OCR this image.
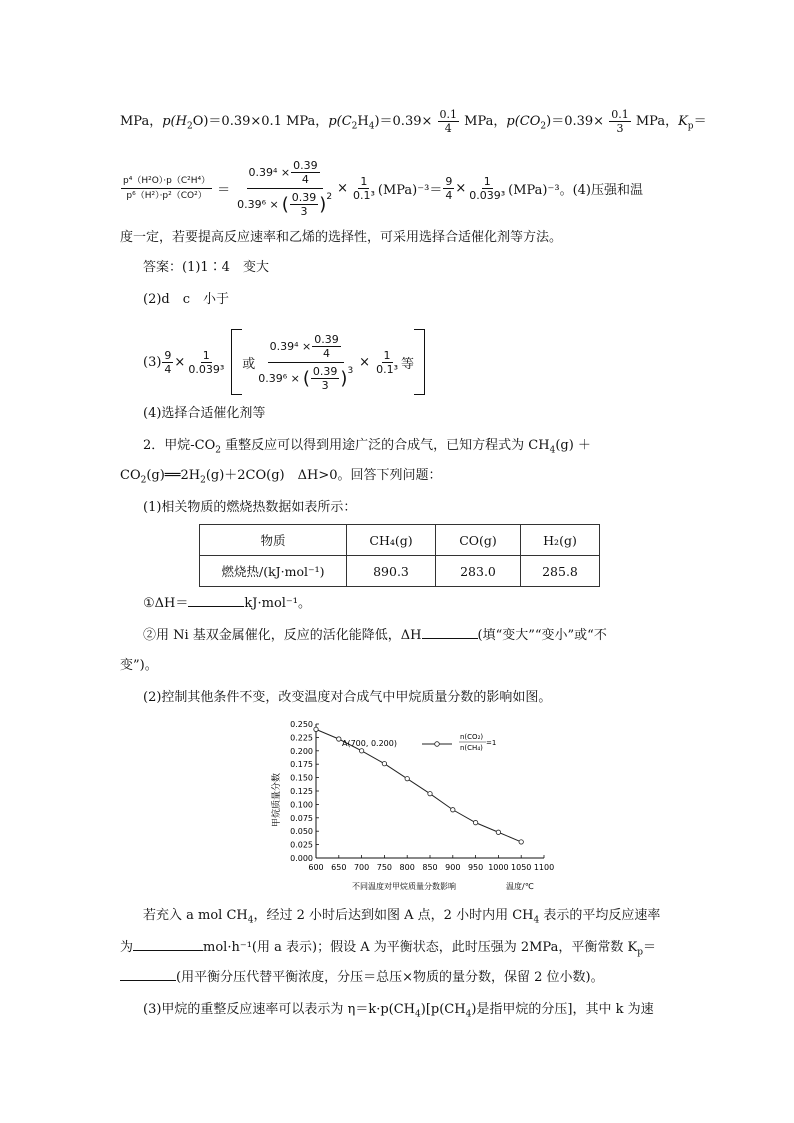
MPa，$p(H_2O)=0.39\times 0.1$ MPa，$p(C_2H_4)=0.39\times \frac{0.1}{4}$ MPa，$p(CO_2)=0.39\times \frac{0.1}{3}$ MPa，$K_p=$
$\frac{\text{p⁴（H²O）·p（C²H⁴）}}{\text{p⁶（H²）·p²（CO²）}} = \frac{0.39^4 \times \frac{0.39}{4}}{0.39^6 \times ( \frac{0.39}{3} )^2} \times \frac{1}{\text{0.1³}} (MPa)^{-3}= \frac{9}{4} \times \frac{1}{\text{0.039³}} (MPa)^{-3}$。(4)压强和温
度一定，若要提高反应速率和乙烯的选择性，可采用选择合适催化剂等方法。
答案：(1)1∶4　变大
(2)d　c　小于
$(3) \frac{9}{4} \times \frac{1}{\text{0.039³}}$ 或 $\frac{0.39^4 \times \frac{0.39}{4}}{0.39^6 \times ( \frac{0.39}{3} )^3} \times \frac{1}{\text{0.1³}}$ 等
(4)选择合适催化剂等
2．甲烷$-CO_2$ 重整反应可以得到用途广泛的合成气，已知方程式为 $CH_4(g)$ ＋
$CO_2(g)══2H_2(g)+2CO(g)$　ΔH>0。回答下列问题：
(1)相关物质的燃烧热数据如表所示：
物质	CH₄(g)	CO(g)	H₂(g)
燃烧热/(kJ·mol⁻¹)	890.3	283.0	285.8
①ΔH＝	kJ·mol⁻¹。
②用 Ni 基双金属催化，反应的活化能降低，ΔH	(填“变大”“变小”或“不
变”)。
(2)控制其他条件不变，改变温度对合成气中甲烷质量分数的影响如图。
0.000
0.025
0.050
0.075
0.100
0.125
0.150
0.175
0.200
0.225
0.250
600 650 700 750 800 850 900 950 1000 1050 1100
甲烷质量分数
A(700, 0.200)
n(CO₂)
n(CH₄)
=1
不同温度对甲烷质量分数影响	温度/℃
若充入 a mol $CH_4$，经过 2 小时后达到如图 A 点，2 小时内用 $CH_4$ 表示的平均反应速率
为	mol·h⁻¹(用 a 表示)；假设 A 为平衡状态，此时压强为 2MPa，平衡常数 $K_p=$
(用平衡分压代替平衡浓度，分压＝总压×物质的量分数，保留 2 位小数)。
(3)甲烷的重整反应速率可以表示为 $\eta=k\cdot p(CH_4)[p(CH_4)$是指甲烷的分压]，其中 k 为速
